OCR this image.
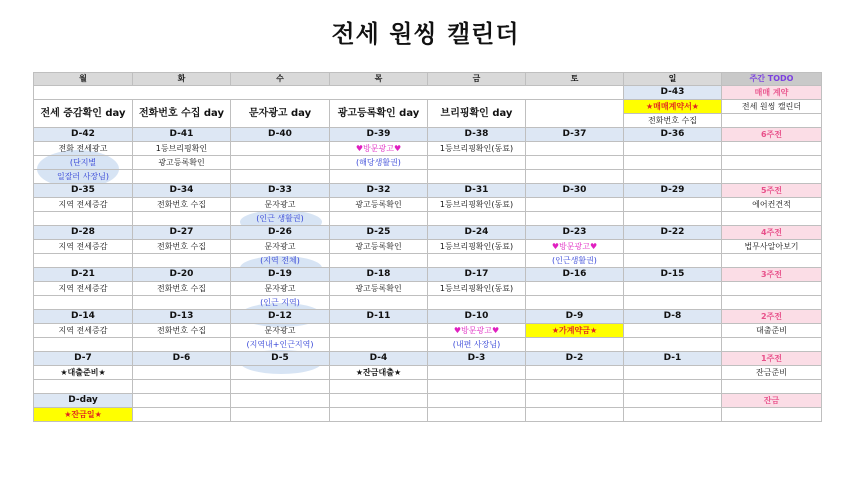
전세 원씽 캘린더
월	화	수	목	금	토	일	주간 TODO
						D-43	매매 계약
전세 증감확인 day	전화번호 수집 day	문자광고 day	광고등록확인 day	브리핑확인 day		★매매계약서★	전세 원씽 캘린더
						전화번호 수집	
D-42	D-41	D-40	D-39	D-38	D-37	D-36	6주전
전화 전세광고	1등브리핑확인		♥방문광고♥	1등브리핑확인(동료)			
(단지별	광고등록확인		(해당생활권)				
일잘러 사장님)							
D-35	D-34	D-33	D-32	D-31	D-30	D-29	5주전
지역 전세증감	전화번호 수집	문자광고	광고등록확인	1등브리핑확인(동료)			에어컨견적
		(인근 생활권)					
D-28	D-27	D-26	D-25	D-24	D-23	D-22	4주전
지역 전세증감	전화번호 수집	문자광고	광고등록확인	1등브리핑확인(동료)	♥방문광고♥		법무사알아보기
		(지역 전체)			(인근생활권)		
D-21	D-20	D-19	D-18	D-17	D-16	D-15	3주전
지역 전세증감	전화번호 수집	문자광고	광고등록확인	1등브리핑확인(동료)			
		(인근 지역)					
D-14	D-13	D-12	D-11	D-10	D-9	D-8	2주전
지역 전세증감	전화번호 수집	문자광고		♥방문광고♥	★가계약금★		대출준비
		(지역내+인근지역)		(내편 사장님)			
D-7	D-6	D-5	D-4	D-3	D-2	D-1	1주전
★대출준비★			★잔금대출★				잔금준비

D-day							잔금
★잔금일★							
